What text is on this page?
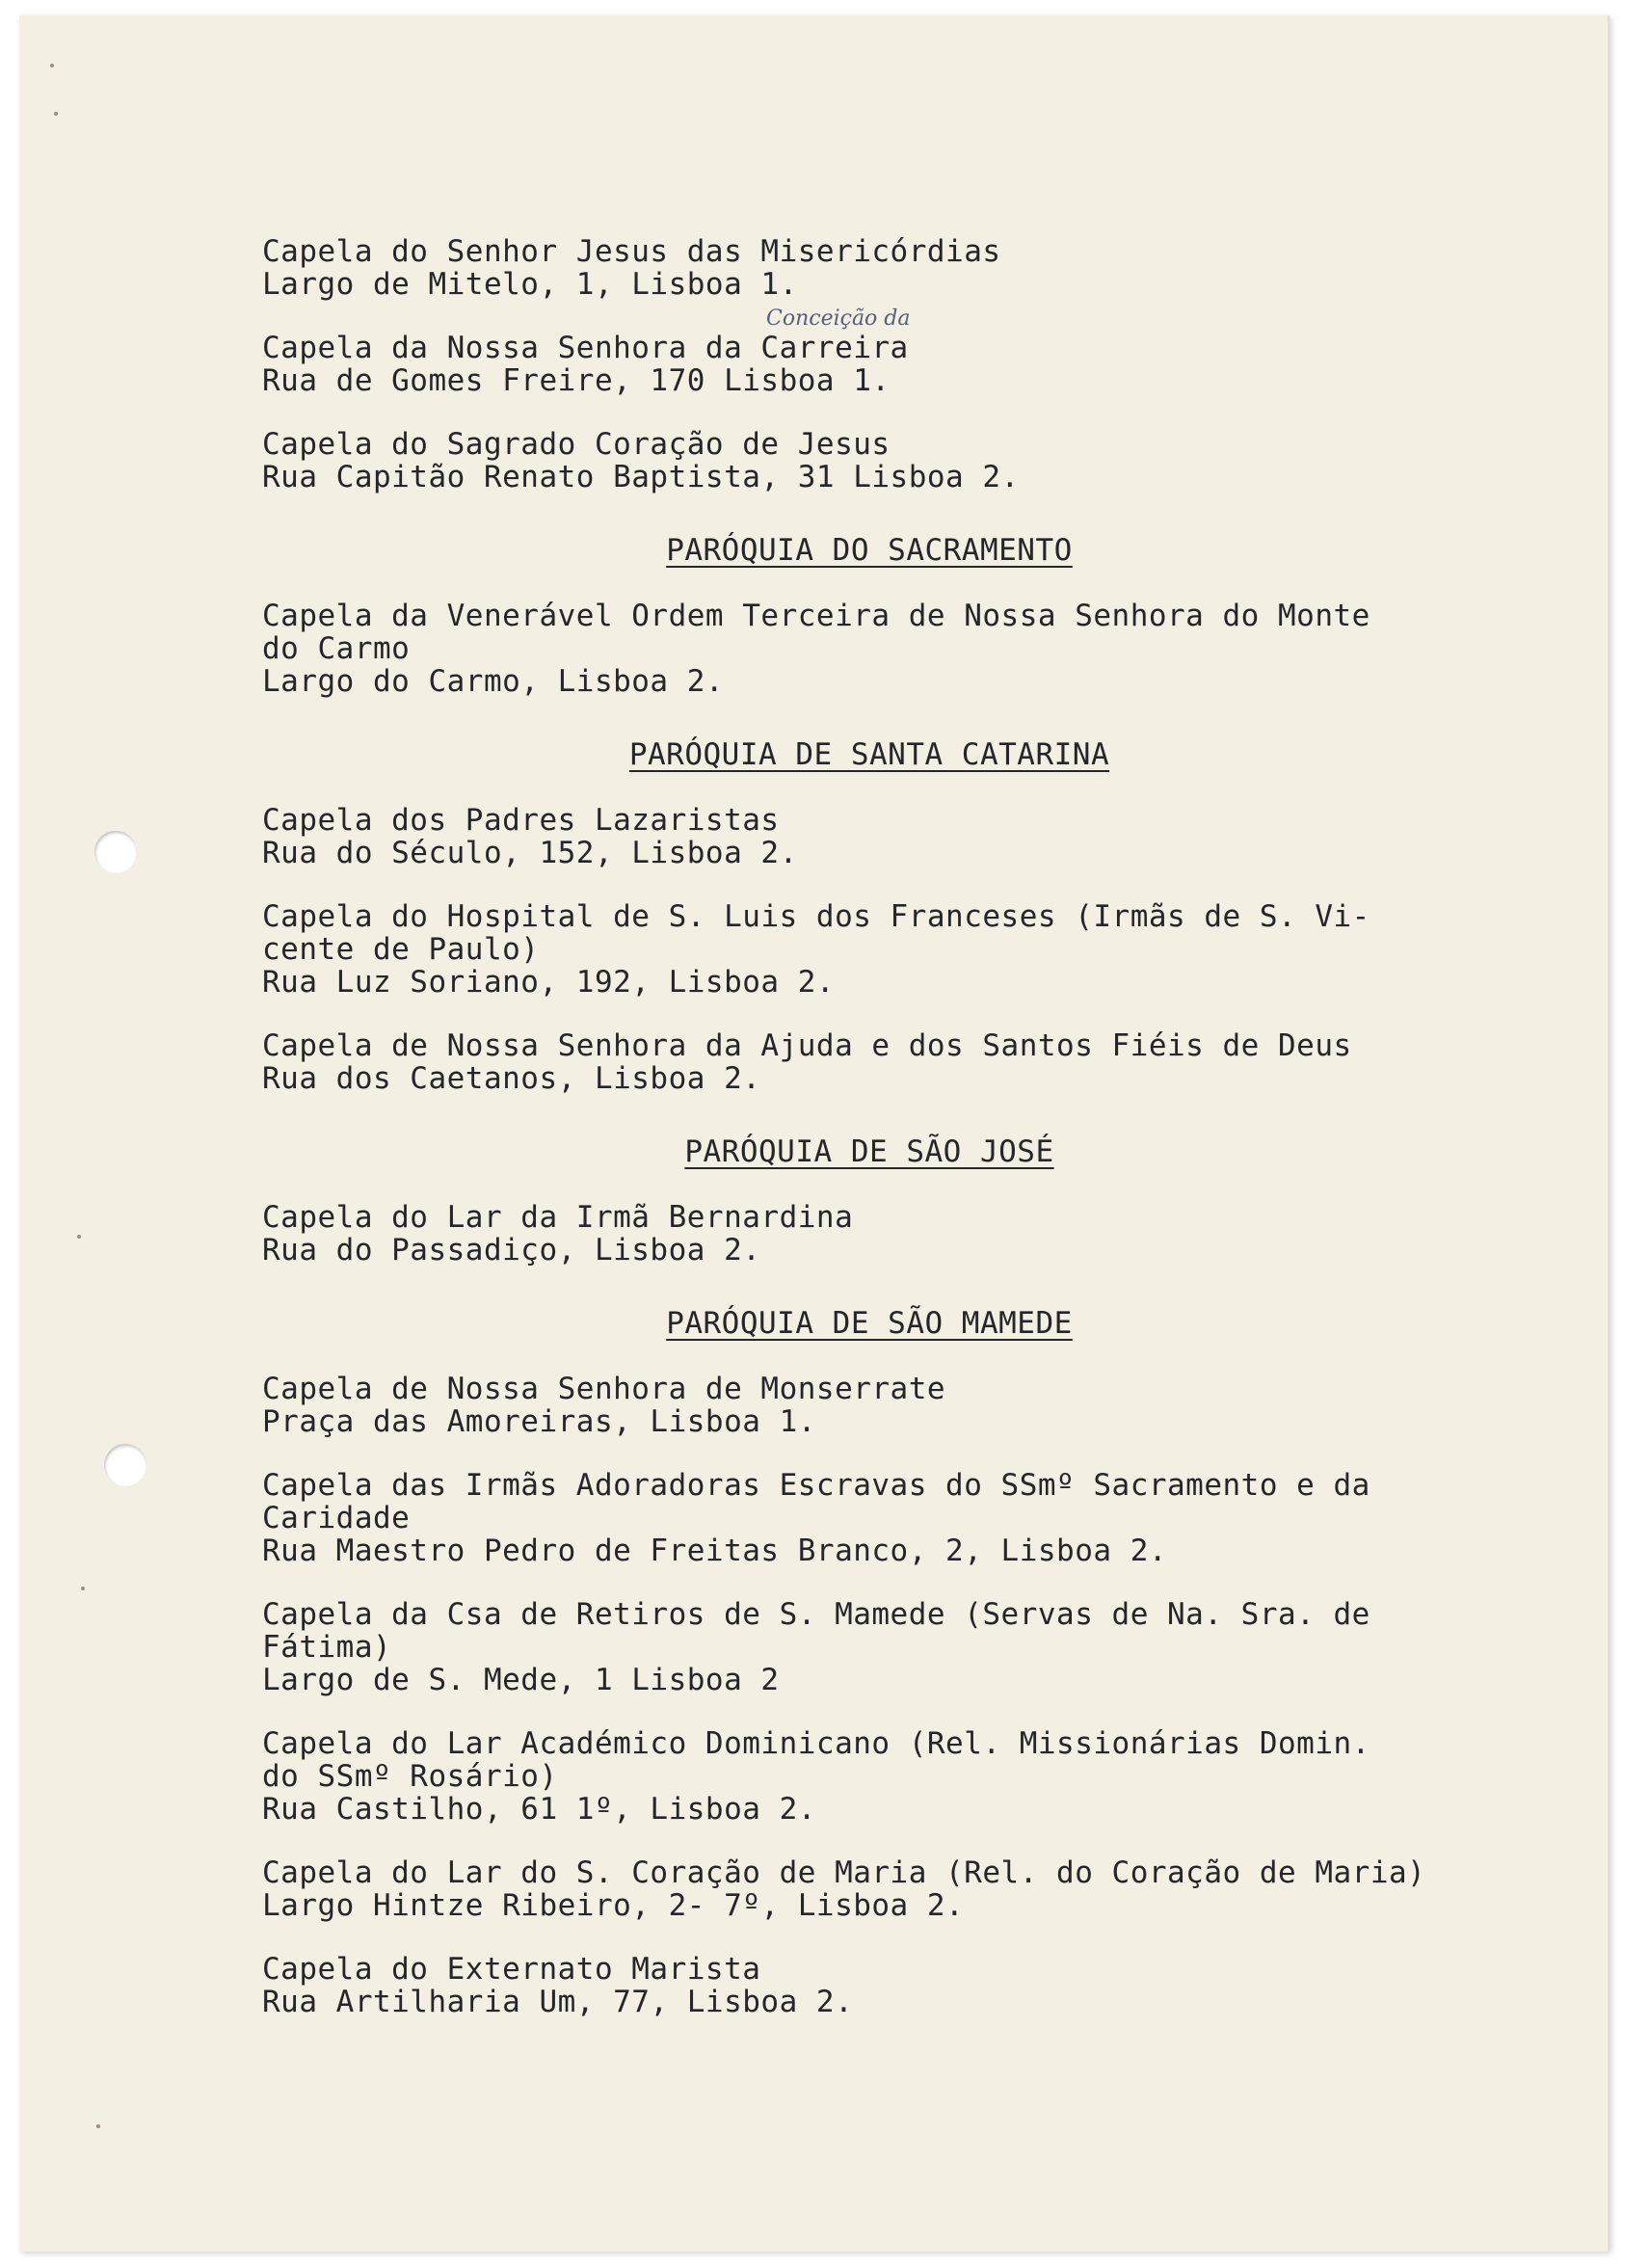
Conceição da
Capela do Senhor Jesus das Misericórdias
Largo de Mitelo, 1, Lisboa 1.
Capela da Nossa Senhora da Carreira
Rua de Gomes Freire, 170 Lisboa 1.
Capela do Sagrado Coração de Jesus
Rua Capitão Renato Baptista, 31 Lisboa 2.
PARÓQUIA DO SACRAMENTO
Capela da Venerável Ordem Terceira de Nossa Senhora do Monte
do Carmo
Largo do Carmo, Lisboa 2.
PARÓQUIA DE SANTA CATARINA
Capela dos Padres Lazaristas
Rua do Século, 152, Lisboa 2.
Capela do Hospital de S. Luis dos Franceses (Irmãs de S. Vi-
cente de Paulo)
Rua Luz Soriano, 192, Lisboa 2.
Capela de Nossa Senhora da Ajuda e dos Santos Fiéis de Deus
Rua dos Caetanos, Lisboa 2.
PARÓQUIA DE SÃO JOSÉ
Capela do Lar da Irmã Bernardina
Rua do Passadiço, Lisboa 2.
PARÓQUIA DE SÃO MAMEDE
Capela de Nossa Senhora de Monserrate
Praça das Amoreiras, Lisboa 1.
Capela das Irmãs Adoradoras Escravas do SSmº Sacramento e da
Caridade
Rua Maestro Pedro de Freitas Branco, 2, Lisboa 2.
Capela da Csa de Retiros de S. Mamede (Servas de Na. Sra. de
Fátima)
Largo de S. Mede, 1 Lisboa 2
Capela do Lar Académico Dominicano (Rel. Missionárias Domin.
do SSmº Rosário)
Rua Castilho, 61 1º, Lisboa 2.
Capela do Lar do S. Coração de Maria (Rel. do Coração de Maria)
Largo Hintze Ribeiro, 2- 7º, Lisboa 2.
Capela do Externato Marista
Rua Artilharia Um, 77, Lisboa 2.
